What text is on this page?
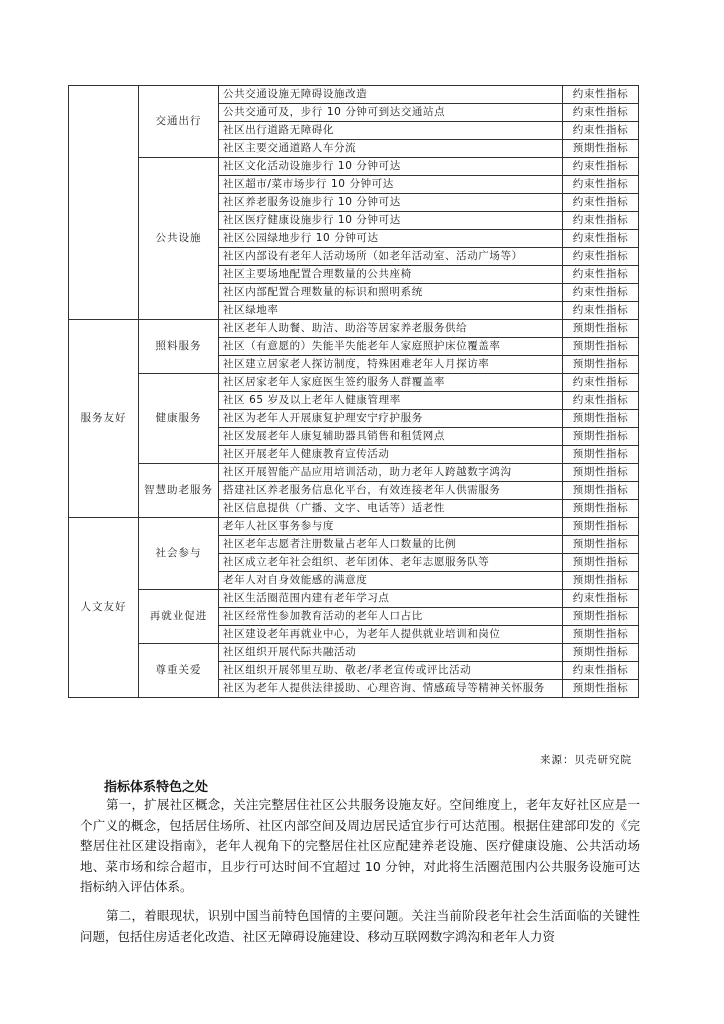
	交通出行	公共交通设施无障碍设施改造	约束性指标
		公共交通可及，步行 10 分钟可到达交通站点	约束性指标
		社区出行道路无障碍化	约束性指标
		社区主要交通道路人车分流	预期性指标
	公共设施	社区文化活动设施步行 10 分钟可达	约束性指标
		社区超市/菜市场步行 10 分钟可达	约束性指标
		社区养老服务设施步行 10 分钟可达	约束性指标
		社区医疗健康设施步行 10 分钟可达	约束性指标
		社区公园绿地步行 10 分钟可达	约束性指标
		社区内部设有老年人活动场所（如老年活动室、活动广场等）	约束性指标
		社区主要场地配置合理数量的公共座椅	约束性指标
		社区内部配置合理数量的标识和照明系统	约束性指标
		社区绿地率	约束性指标
服务友好	照料服务	社区老年人助餐、助洁、助浴等居家养老服务供给	预期性指标
		社区（有意愿的）失能半失能老年人家庭照护床位覆盖率	预期性指标
		社区建立居家老人探访制度，特殊困难老年人月探访率	预期性指标
	健康服务	社区居家老年人家庭医生签约服务人群覆盖率	约束性指标
		社区 65 岁及以上老年人健康管理率	约束性指标
		社区为老年人开展康复护理安宁疗护服务	预期性指标
		社区发展老年人康复辅助器具销售和租赁网点	预期性指标
		社区开展老年人健康教育宣传活动	预期性指标
	智慧助老服务	社区开展智能产品应用培训活动，助力老年人跨越数字鸿沟	预期性指标
		搭建社区养老服务信息化平台，有效连接老年人供需服务	预期性指标
		社区信息提供（广播、文字、电话等）适老性	预期性指标
人文友好	社会参与	老年人社区事务参与度	预期性指标
		社区老年志愿者注册数量占老年人口数量的比例	预期性指标
		社区成立老年社会组织、老年团体、老年志愿服务队等	预期性指标
		老年人对自身效能感的满意度	预期性指标
	再就业促进	社区生活圈范围内建有老年学习点	约束性指标
		社区经常性参加教育活动的老年人口占比	预期性指标
		社区建设老年再就业中心，为老年人提供就业培训和岗位	预期性指标
	尊重关爱	社区组织开展代际共融活动	预期性指标
		社区组织开展邻里互助、敬老/孝老宣传或评比活动	约束性指标
		社区为老年人提供法律援助、心理咨询、情感疏导等精神关怀服务	预期性指标
来源：贝壳研究院
指标体系特色之处

第一，扩展社区概念，关注完整居住社区公共服务设施友好。空间维度上，老年友好社区应是一个广义的概念，包括居住场所、社区内部空间及周边居民适宜步行可达范围。根据住建部印发的《完整居住社区建设指南》，老年人视角下的完整居住社区应配建养老设施、医疗健康设施、公共活动场地、菜市场和综合超市，且步行可达时间不宜超过 10 分钟，对此将生活圈范围内公共服务设施可达指标纳入评估体系。

第二，着眼现状，识别中国当前特色国情的主要问题。关注当前阶段老年社会生活面临的关键性问题，包括住房适老化改造、社区无障碍设施建设、移动互联网数字鸿沟和老年人力资
